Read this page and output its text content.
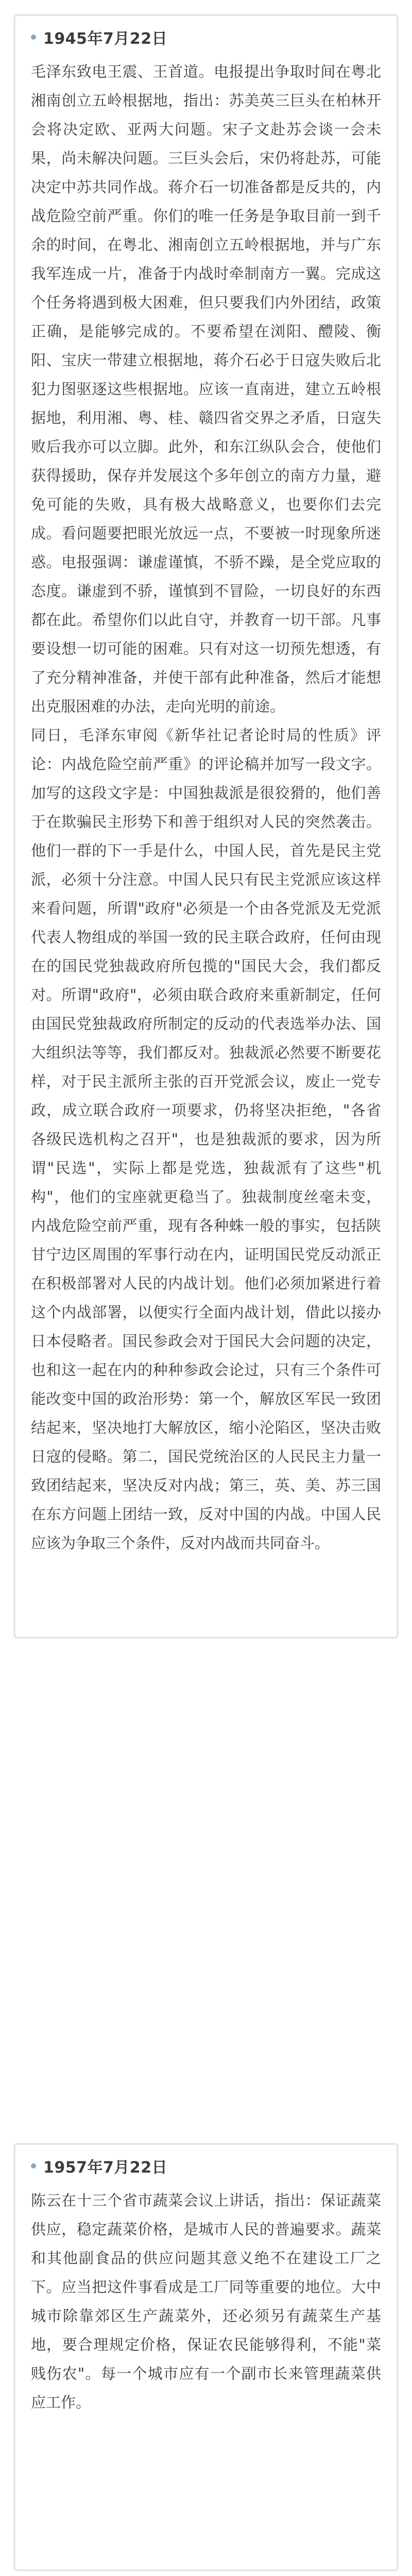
1945年7月22日

毛泽东致电王震、王首道。电报提出争取时间在粤北湘南创立五岭根据地，指出：苏美英三巨头在柏林开会将决定欧、亚两大问题。宋子文赴苏会谈一会未果，尚未解决问题。三巨头会后，宋仍将赴苏，可能决定中苏共同作战。蒋介石一切准备都是反共的，内战危险空前严重。你们的唯一任务是争取目前一到千余的时间，在粤北、湘南创立五岭根据地，并与广东我军连成一片，准备于内战时牵制南方一翼。完成这个任务将遇到极大困难，但只要我们内外团结，政策正确，是能够完成的。不要希望在浏阳、醴陵、衡阳、宝庆一带建立根据地，蒋介石必于日寇失败后北犯力图驱逐这些根据地。应该一直南进，建立五岭根据地，利用湘、粤、桂、赣四省交界之矛盾，日寇失败后我亦可以立脚。此外，和东江纵队会合，使他们获得援助，保存并发展这个多年创立的南方力量，避免可能的失败，具有极大战略意义，也要你们去完成。看问题要把眼光放远一点，不要被一时现象所迷惑。电报强调：谦虚谨慎，不骄不躁，是全党应取的态度。谦虚到不骄，谨慎到不冒险，一切良好的东西都在此。希望你们以此自守，并教育一切干部。凡事要设想一切可能的困难。只有对这一切预先想透，有了充分精神准备，并使干部有此种准备，然后才能想出克服困难的办法，走向光明的前途。

同日，毛泽东审阅《新华社记者论时局的性质》评论：内战危险空前严重》的评论稿并加写一段文字。加写的这段文字是：中国独裁派是很狡猾的，他们善于在欺骗民主形势下和善于组织对人民的突然袭击。他们一群的下一手是什么，中国人民，首先是民主党派，必须十分注意。中国人民只有民主党派应该这样来看问题，所谓"政府"必须是一个由各党派及无党派代表人物组成的举国一致的民主联合政府，任何由现在的国民党独裁政府所包揽的"国民大会，我们都反对。所谓"政府"，必须由联合政府来重新制定，任何由国民党独裁政府所制定的反动的代表选举办法、国大组织法等等，我们都反对。独裁派必然要不断要花样，对于民主派所主张的百开党派会议，废止一党专政，成立联合政府一项要求，仍将坚决拒绝，"各省各级民选机构之召开"，也是独裁派的要求，因为所谓"民选"，实际上都是党选，独裁派有了这些"机构"，他们的宝座就更稳当了。独裁制度丝毫未变，内战危险空前严重，现有各种蛛一般的事实，包括陕甘宁边区周围的军事行动在内，证明国民党反动派正在积极部署对人民的内战计划。他们必须加紧进行着这个内战部署，以便实行全面内战计划，借此以接办日本侵略者。国民参政会对于国民大会问题的决定，也和这一起在内的种种参政会论过，只有三个条件可能改变中国的政治形势：第一个，解放区军民一致团结起来，坚决地打大解放区，缩小沦陷区，坚决击败日寇的侵略。第二，国民党统治区的人民民主力量一致团结起来，坚决反对内战；第三，英、美、苏三国在东方问题上团结一致，反对中国的内战。中国人民应该为争取三个条件，反对内战而共同奋斗。

1957年7月22日

陈云在十三个省市蔬菜会议上讲话，指出：保证蔬菜供应，稳定蔬菜价格，是城市人民的普遍要求。蔬菜和其他副食品的供应问题其意义绝不在建设工厂之下。应当把这件事看成是工厂同等重要的地位。大中城市除靠郊区生产蔬菜外，还必须另有蔬菜生产基地，要合理规定价格，保证农民能够得利，不能"菜贱伤农"。每一个城市应有一个副市长来管理蔬菜供应工作。
